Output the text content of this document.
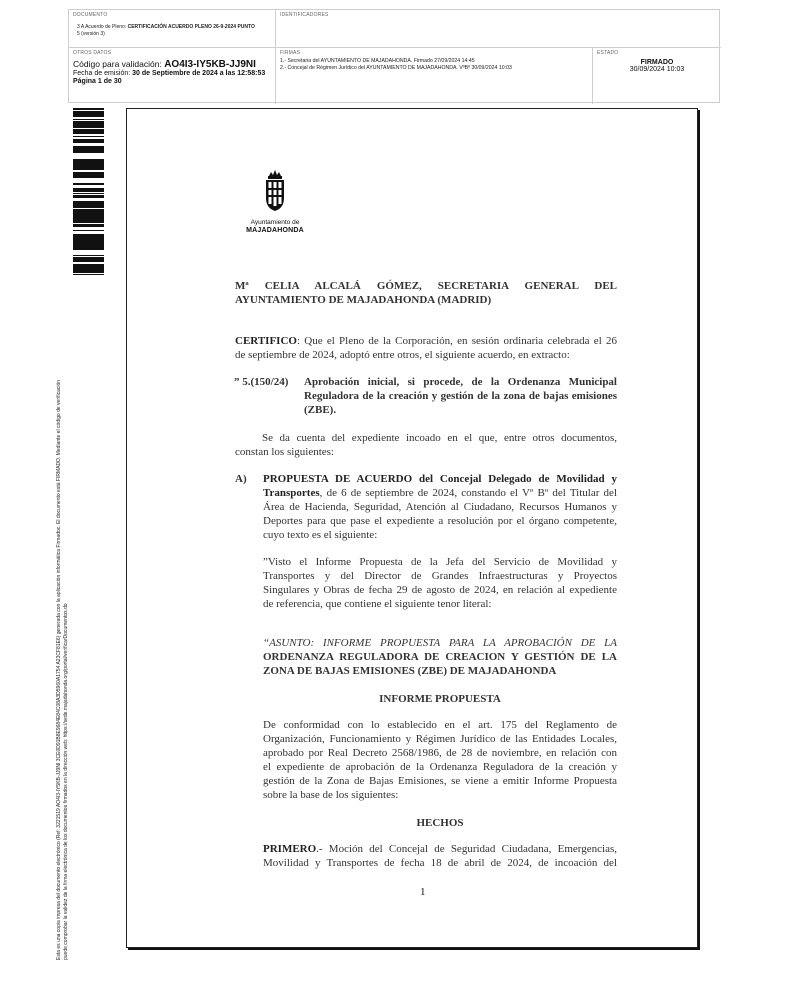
DOCUMENTO
3 A Acuerdo de Pleno: CERTIFICACIÓN ACUERDO PLENO 26-9-2024 PUNTO
5 (versión 3)
IDENTIFICADORES
OTROS DATOS
Código para validación: AO4I3-IY5KB-JJ9NI
Fecha de emisión: 30 de Septiembre de 2024 a las 12:58:53
Página 1 de 30
FIRMAS
1.- Secretaria del AYUNTAMIENTO DE MAJADAHONDA. Firmado 27/09/2024 14:45
2.- Concejal de Régimen Jurídico del AYUNTAMIENTO DE MAJADAHONDA. VºBº 30/09/2024 10:03
ESTADO
FIRMADO
30/09/2024 10:03
Esta es una copia impresa del documento electrónico (Ref: 3221519 AO4I3-IY5KB-JJ9NI 3CE0D91B8E9684E84C08A3D5960A1754 A23CF81E6) generada con la aplicación informática Firmadoc. El documento está FIRMADO. Mediante el código de verificación puede comprobar la validez de la firma electrónica de los documentos firmados en la dirección web: https://sede.majadahonda.org/portal/verificarDocumentos.do
Ayuntamiento de
MAJADAHONDA
Mª CELIA ALCALÁ GÓMEZ, SECRETARIA GENERAL DEL
AYUNTAMIENTO DE MAJADAHONDA (MADRID)
CERTIFICO: Que el Pleno de la Corporación, en sesión ordinaria celebrada el 26
de septiembre de 2024, adoptó entre otros, el siguiente acuerdo, en extracto:
” 5.(150/24)	Aprobación inicial, si procede, de la Ordenanza Municipal
Reguladora de la creación y gestión de la zona de bajas emisiones
(ZBE).
Se da cuenta del expediente incoado en el que, entre otros documentos,
constan los siguientes:
A)	PROPUESTA DE ACUERDO del Concejal Delegado de Movilidad y
Transportes, de 6 de septiembre de 2024, constando el Vº Bº del Titular del
Área de Hacienda, Seguridad, Atención al Ciudadano, Recursos Humanos y
Deportes para que pase el expediente a resolución por el órgano competente,
cuyo texto es el siguiente:
”Visto el Informe Propuesta de la Jefa del Servicio de Movilidad y
Transportes y del Director de Grandes Infraestructuras y Proyectos
Singulares y Obras de fecha 29 de agosto de 2024, en relación al expediente
de referencia, que contiene el siguiente tenor literal:
“ASUNTO: INFORME PROPUESTA PARA LA APROBACIÓN DE LA
ORDENANZA REGULADORA DE CREACION Y GESTIÓN DE LA
ZONA DE BAJAS EMISIONES (ZBE) DE MAJADAHONDA
INFORME PROPUESTA
De conformidad con lo establecido en el art. 175 del Reglamento de
Organización, Funcionamiento y Régimen Jurídico de las Entidades Locales,
aprobado por Real Decreto 2568/1986, de 28 de noviembre, en relación con
el expediente de aprobación de la Ordenanza Reguladora de la creación y
gestión de la Zona de Bajas Emisiones, se viene a emitir Informe Propuesta
sobre la base de los siguientes:
HECHOS
PRIMERO.- Moción del Concejal de Seguridad Ciudadana, Emergencias,
Movilidad y Transportes de fecha 18 de abril de 2024, de incoación del
1
